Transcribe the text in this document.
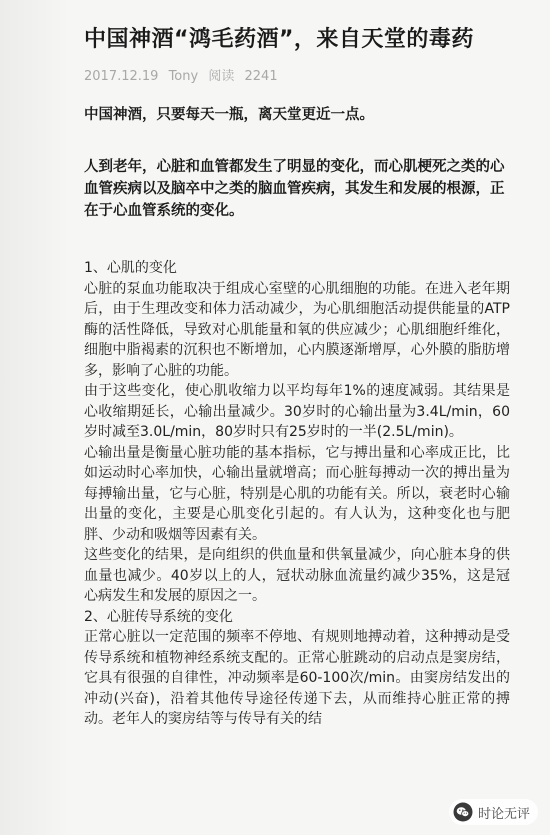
中国神酒“鸿毛药酒”，来自天堂的毒药
2017.12.19 Tony 阅读 2241
中国神酒，只要每天一瓶，离天堂更近一点。
人到老年，心脏和血管都发生了明显的变化，而心肌梗死之类的心血管疾病以及脑卒中之类的脑血管疾病，其发生和发展的根源，正在于心血管系统的变化。

1、心肌的变化

心脏的泵血功能取决于组成心室壁的心肌细胞的功能。在进入老年期后，由于生理改变和体力活动减少，为心肌细胞活动提供能量的ATP酶的活性降低，导致对心肌能量和氧的供应减少；心肌细胞纤维化，细胞中脂褐素的沉积也不断增加，心内膜逐渐增厚，心外膜的脂肪增多，影响了心脏的功能。

由于这些变化，使心肌收缩力以平均每年1%的速度减弱。其结果是心收缩期延长，心输出量减少。30岁时的心输出量为3.4L/min，60岁时减至3.0L/min，80岁时只有25岁时的一半(2.5L/min)。

心输出量是衡量心脏功能的基本指标，它与搏出量和心率成正比，比如运动时心率加快，心输出量就增高；而心脏每搏动一次的搏出量为每搏输出量，它与心脏，特别是心肌的功能有关。所以，衰老时心输出量的变化，主要是心肌变化引起的。有人认为，这种变化也与肥胖、少动和吸烟等因素有关。

这些变化的结果，是向组织的供血量和供氧量减少，向心脏本身的供血量也减少。40岁以上的人，冠状动脉血流量约减少35%，这是冠心病发生和发展的原因之一。

2、心脏传导系统的变化

正常心脏以一定范围的频率不停地、有规则地搏动着，这种搏动是受传导系统和植物神经系统支配的。正常心脏跳动的启动点是窦房结，它具有很强的自律性，冲动频率是60-100次/min。由窦房结发出的冲动(兴奋)，沿着其他传导途径传递下去，从而维持心脏正常的搏动。老年人的窦房结等与传导有关的结

时论无评
